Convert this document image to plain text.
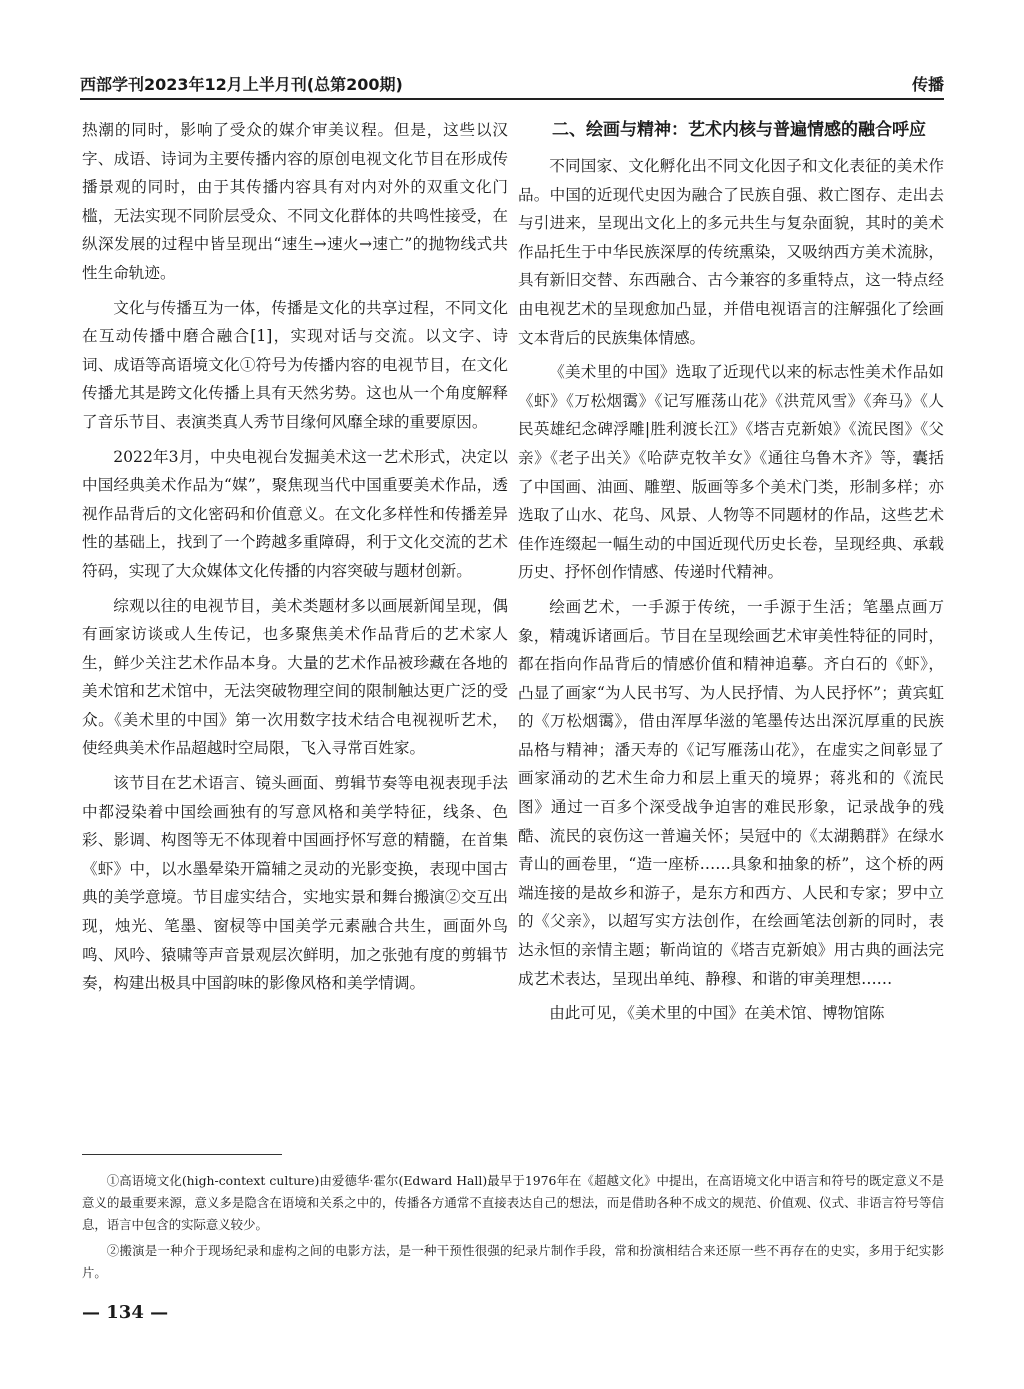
西部学刊2023年12月上半月刊(总第200期)	传播

热潮的同时，影响了受众的媒介审美议程。但是，这些以汉字、成语、诗词为主要传播内容的原创电视文化节目在形成传播景观的同时，由于其传播内容具有对内对外的双重文化门槛，无法实现不同阶层受众、不同文化群体的共鸣性接受，在纵深发展的过程中皆呈现出“速生→速火→速亡”的抛物线式共性生命轨迹。

文化与传播互为一体，传播是文化的共享过程，不同文化在互动传播中磨合融合[1]，实现对话与交流。以文字、诗词、成语等高语境文化①符号为传播内容的电视节目，在文化传播尤其是跨文化传播上具有天然劣势。这也从一个角度解释了音乐节目、表演类真人秀节目缘何风靡全球的重要原因。

2022年3月，中央电视台发掘美术这一艺术形式，决定以中国经典美术作品为“媒”，聚焦现当代中国重要美术作品，透视作品背后的文化密码和价值意义。在文化多样性和传播差异性的基础上，找到了一个跨越多重障碍，利于文化交流的艺术符码，实现了大众媒体文化传播的内容突破与题材创新。

综观以往的电视节目，美术类题材多以画展新闻呈现，偶有画家访谈或人生传记，也多聚焦美术作品背后的艺术家人生，鲜少关注艺术作品本身。大量的艺术作品被珍藏在各地的美术馆和艺术馆中，无法突破物理空间的限制触达更广泛的受众。《美术里的中国》第一次用数字技术结合电视视听艺术，使经典美术作品超越时空局限，飞入寻常百姓家。

该节目在艺术语言、镜头画面、剪辑节奏等电视表现手法中都浸染着中国绘画独有的写意风格和美学特征，线条、色彩、影调、构图等无不体现着中国画抒怀写意的精髓，在首集《虾》中，以水墨晕染开篇辅之灵动的光影变换，表现中国古典的美学意境。节目虚实结合，实地实景和舞台搬演②交互出现，烛光、笔墨、窗棂等中国美学元素融合共生，画面外鸟鸣、风吟、猿啸等声音景观层次鲜明，加之张弛有度的剪辑节奏，构建出极具中国韵味的影像风格和美学情调。

二、绘画与精神：艺术内核与普遍情感的融合呼应

不同国家、文化孵化出不同文化因子和文化表征的美术作品。中国的近现代史因为融合了民族自强、救亡图存、走出去与引进来，呈现出文化上的多元共生与复杂面貌，其时的美术作品托生于中华民族深厚的传统熏染，又吸纳西方美术流脉，具有新旧交替、东西融合、古今兼容的多重特点，这一特点经由电视艺术的呈现愈加凸显，并借电视语言的注解强化了绘画文本背后的民族集体情感。

《美术里的中国》选取了近现代以来的标志性美术作品如《虾》《万松烟霭》《记写雁荡山花》《洪荒风雪》《奔马》《人民英雄纪念碑浮雕|胜利渡长江》《塔吉克新娘》《流民图》《父亲》《老子出关》《哈萨克牧羊女》《通往乌鲁木齐》等，囊括了中国画、油画、雕塑、版画等多个美术门类，形制多样；亦选取了山水、花鸟、风景、人物等不同题材的作品，这些艺术佳作连缀起一幅生动的中国近现代历史长卷，呈现经典、承载历史、抒怀创作情感、传递时代精神。

绘画艺术，一手源于传统，一手源于生活；笔墨点画万象，精魂诉诸画后。节目在呈现绘画艺术审美性特征的同时，都在指向作品背后的情感价值和精神追摹。齐白石的《虾》，凸显了画家“为人民书写、为人民抒情、为人民抒怀”；黄宾虹的《万松烟霭》，借由浑厚华滋的笔墨传达出深沉厚重的民族品格与精神；潘天寿的《记写雁荡山花》，在虚实之间彰显了画家涌动的艺术生命力和层上重天的境界；蒋兆和的《流民图》通过一百多个深受战争迫害的难民形象，记录战争的残酷、流民的哀伤这一普遍关怀；吴冠中的《太湖鹅群》在绿水青山的画卷里，“造一座桥……具象和抽象的桥”，这个桥的两端连接的是故乡和游子，是东方和西方、人民和专家；罗中立的《父亲》，以超写实方法创作，在绘画笔法创新的同时，表达永恒的亲情主题；靳尚谊的《塔吉克新娘》用古典的画法完成艺术表达，呈现出单纯、静穆、和谐的审美理想……

由此可见，《美术里的中国》在美术馆、博物馆陈

①高语境文化(high-context culture)由爱德华·霍尔(Edward Hall)最早于1976年在《超越文化》中提出，在高语境文化中语言和符号的既定意义不是意义的最重要来源，意义多是隐含在语境和关系之中的，传播各方通常不直接表达自己的想法，而是借助各种不成文的规范、价值观、仪式、非语言符号等信息，语言中包含的实际意义较少。

②搬演是一种介于现场纪录和虚构之间的电影方法，是一种干预性很强的纪录片制作手段，常和扮演相结合来还原一些不再存在的史实，多用于纪实影片。

— 134 —
